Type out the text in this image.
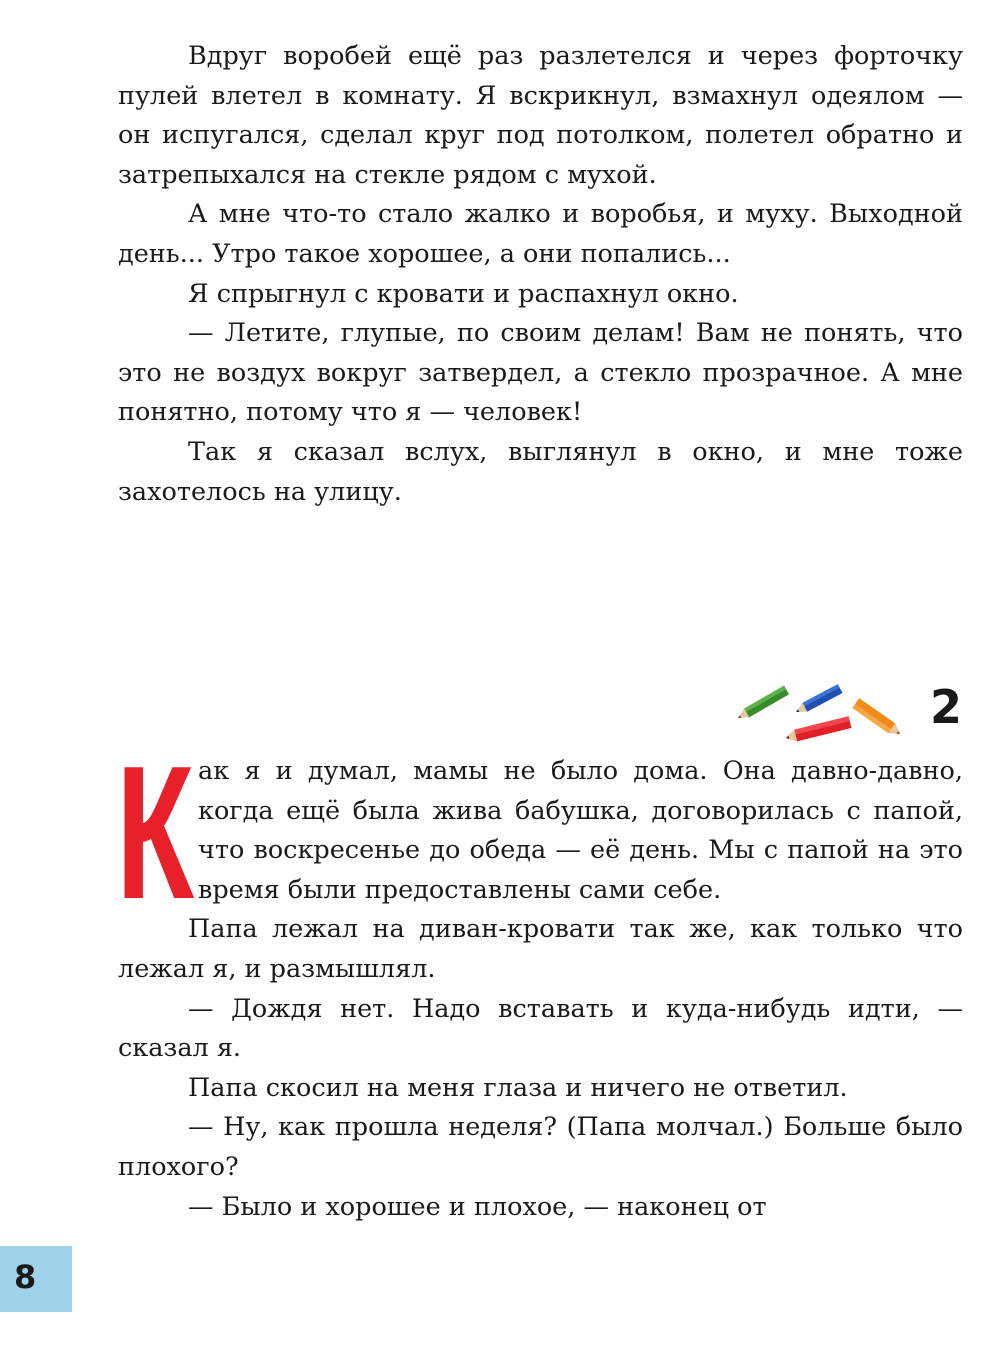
Вдруг воробей ещё раз разлетелся и через форточку пулей влетел в комнату. Я вскрикнул, взмахнул одеялом — он испугался, сделал круг под потолком, полетел обратно и затрепыхался на стекле рядом с мухой.

А мне что-то стало жалко и воробья, и муху. Выходной день... Утро такое хорошее, а они попались...

Я спрыгнул с кровати и распахнул окно.

— Летите, глупые, по своим делам! Вам не понять, что это не воздух вокруг затвердел, а стекло прозрачное. А мне понятно, потому что я — человек!

Так я сказал вслух, выглянул в окно, и мне тоже захотелось на улицу.

2
К ак я и думал, мамы не было дома. Она давно-давно, когда ещё была жива бабушка, договорилась с папой, что воскресенье до обеда — её день. Мы с папой на это время были предоставлены сами себе.

Папа лежал на диван-кровати так же, как только что лежал я, и размышлял.

— Дождя нет. Надо вставать и куда-нибудь идти, — сказал я.

Папа скосил на меня глаза и ничего не ответил.

— Ну, как прошла неделя? (Папа молчал.) Больше было плохого?

— Было и хорошее и плохое, — наконец от

8
